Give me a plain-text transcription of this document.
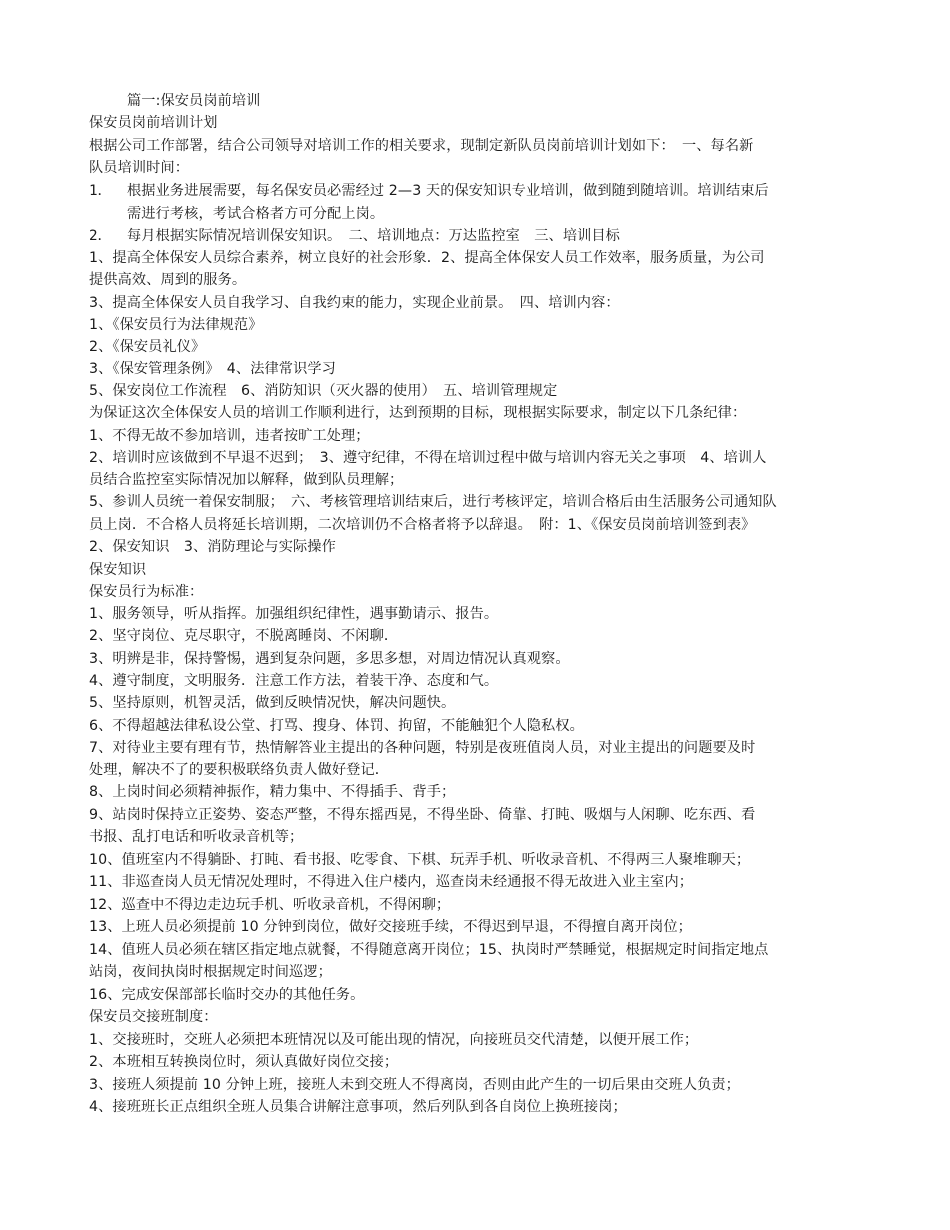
篇一:保安员岗前培训
保安员岗前培训计划
根据公司工作部署，结合公司领导对培训工作的相关要求，现制定新队员岗前培训计划如下：　一、每名新
队员培训时间：
1． 根据业务进展需要，每名保安员必需经过 2—3 天的保安知识专业培训，做到随到随培训。培训结束后
需进行考核，考试合格者方可分配上岗。
2． 每月根据实际情况培训保安知识。　二、培训地点：万达监控室　三、培训目标
1、提高全体保安人员综合素养，树立良好的社会形象．2、提高全体保安人员工作效率，服务质量，为公司
提供高效、周到的服务。
3、提高全体保安人员自我学习、自我约束的能力，实现企业前景。　四、培训内容：
1、《保安员行为法律规范》
2、《保安员礼仪》
3、《保安管理条例》　4、法律常识学习
5、保安岗位工作流程　6、消防知识（灭火器的使用）　五、培训管理规定
为保证这次全体保安人员的培训工作顺利进行，达到预期的目标，现根据实际要求，制定以下几条纪律：
1、不得无故不参加培训，违者按旷工处理；
2、培训时应该做到不早退不迟到；　3、遵守纪律，不得在培训过程中做与培训内容无关之事项　4、培训人
员结合监控室实际情况加以解释，做到队员理解；
5、参训人员统一着保安制服；　六、考核管理培训结束后，进行考核评定，培训合格后由生活服务公司通知队
员上岗．不合格人员将延长培训期，二次培训仍不合格者将予以辞退。　附：1、《保安员岗前培训签到表》
2、保安知识　3、消防理论与实际操作
保安知识
保安员行为标准：
1、服务领导，听从指挥。加强组织纪律性，遇事勤请示、报告。
2、坚守岗位、克尽职守，不脱离睡岗、不闲聊．
3、明辨是非，保持警惕，遇到复杂问题，多思多想，对周边情况认真观察。
4、遵守制度，文明服务．注意工作方法，着装干净、态度和气。
5、坚持原则，机智灵活，做到反映情况快，解决问题快。
6、不得超越法律私设公堂、打骂、搜身、体罚、拘留，不能触犯个人隐私权。
7、对待业主要有理有节，热情解答业主提出的各种问题，特别是夜班值岗人员，对业主提出的问题要及时
处理，解决不了的要积极联络负责人做好登记．
8、上岗时间必须精神振作，精力集中、不得插手、背手；
9、站岗时保持立正姿势、姿态严整，不得东摇西晃，不得坐卧、倚靠、打盹、吸烟与人闲聊、吃东西、看
书报、乱打电话和听收录音机等；
10、值班室内不得躺卧、打盹、看书报、吃零食、下棋、玩弄手机、听收录音机、不得两三人聚堆聊天；
11、非巡查岗人员无情况处理时，不得进入住户楼内，巡查岗未经通报不得无故进入业主室内；
12、巡查中不得边走边玩手机、听收录音机，不得闲聊；
13、上班人员必须提前 10 分钟到岗位，做好交接班手续，不得迟到早退，不得擅自离开岗位；
14、值班人员必须在辖区指定地点就餐，不得随意离开岗位；15、执岗时严禁睡觉，根据规定时间指定地点
站岗，夜间执岗时根据规定时间巡逻；
16、完成安保部部长临时交办的其他任务。
保安员交接班制度：
1、交接班时，交班人必须把本班情况以及可能出现的情况，向接班员交代清楚，以便开展工作；
2、本班相互转换岗位时，须认真做好岗位交接；
3、接班人须提前 10 分钟上班，接班人未到交班人不得离岗，否则由此产生的一切后果由交班人负责；
4、接班班长正点组织全班人员集合讲解注意事项，然后列队到各自岗位上换班接岗；
